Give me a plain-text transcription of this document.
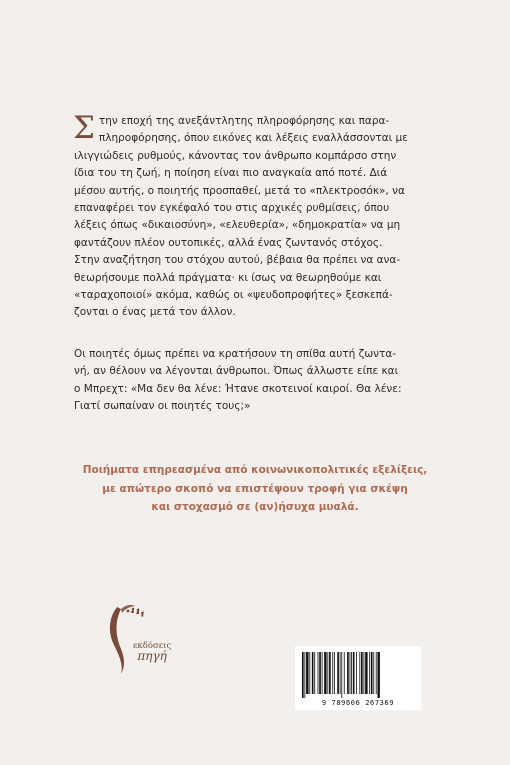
Σ την εποχή της ανεξάντλητης πληροφόρησης και παρα-
πληροφόρησης, όπου εικόνες και λέξεις εναλλάσσονται με
ιλιγγιώδεις ρυθμούς, κάνοντας τον άνθρωπο κομπάρσο στην
ίδια του τη ζωή, η ποίηση είναι πιο αναγκαία από ποτέ. Διά
μέσου αυτής, ο ποιητής προσπαθεί, μετά το «πλεκτροσόκ», να
επαναφέρει τον εγκέφαλό του στις αρχικές ρυθμίσεις, όπου
λέξεις όπως «δικαιοσύνη», «ελευθερία», «δημοκρατία» να μη
φαντάζουν πλέον ουτοπικές, αλλά ένας ζωντανός στόχος.
Στην αναζήτηση του στόχου αυτού, βέβαια θα πρέπει να ανα-
θεωρήσουμε πολλά πράγματα· κι ίσως να θεωρηθούμε και
«ταραχοποιοί» ακόμα, καθώς οι «ψευδοπροφήτες» ξεσκεπά-
ζονται ο ένας μετά τον άλλον.
Οι ποιητές όμως πρέπει να κρατήσουν τη σπίθα αυτή ζωντα-
νή, αν θέλουν να λέγονται άνθρωποι. Όπως άλλωστε είπε και
ο Μπρεχτ: «Μα δεν θα λένε: Ήτανε σκοτεινοί καιροί. Θα λένε:
Γιατί σωπαίναν οι ποιητές τους;»
Ποιήματα επηρεασμένα από κοινωνικοπολιτικές εξελίξεις,
με απώτερο σκοπό να επιστέψουν τροφή για σκέψη
και στοχασμό σε (αν)ήσυχα μυαλά.
εκδόσεις
πηγή
9 789606 267369
